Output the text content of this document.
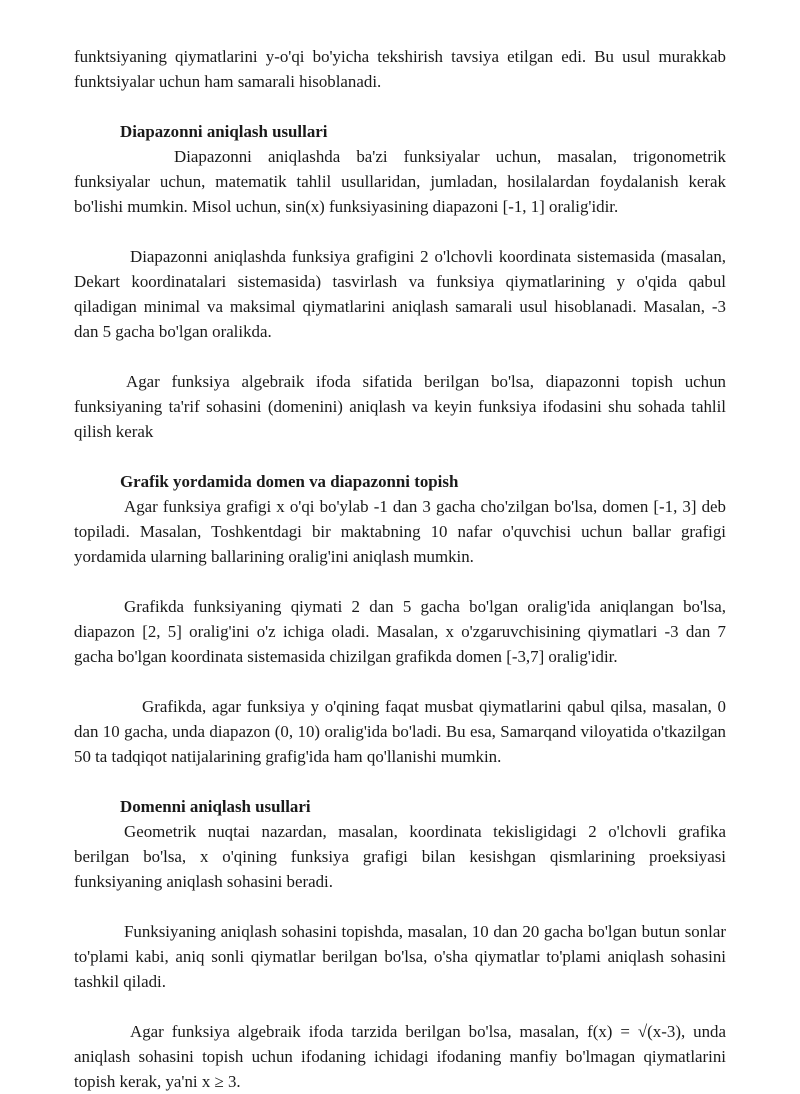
funktsiyaning qiymatlarini y-o'qi bo'yicha tekshirish tavsiya etilgan edi. Bu usul murakkab funktsiyalar uchun ham samarali hisoblanadi.

Diapazonni aniqlash usullari

Diapazonni aniqlashda ba'zi funksiyalar uchun, masalan, trigonometrik funksiyalar uchun, matematik tahlil usullaridan, jumladan, hosilalardan foydalanish kerak bo'lishi mumkin. Misol uchun, sin(x) funksiyasining diapazoni [-1, 1] oralig'idir.

Diapazonni aniqlashda funksiya grafigini 2 o'lchovli koordinata sistemasida (masalan, Dekart koordinatalari sistemasida) tasvirlash va funksiya qiymatlarining y o'qida qabul qiladigan minimal va maksimal qiymatlarini aniqlash samarali usul hisoblanadi. Masalan, -3 dan 5 gacha bo'lgan oralikda.

Agar funksiya algebraik ifoda sifatida berilgan bo'lsa, diapazonni topish uchun funksiyaning ta'rif sohasini (domenini) aniqlash va keyin funksiya ifodasini shu sohada tahlil qilish kerak

Grafik yordamida domen va diapazonni topish

Agar funksiya grafigi x o'qi bo'ylab -1 dan 3 gacha cho'zilgan bo'lsa, domen [-1, 3] deb topiladi. Masalan, Toshkentdagi bir maktabning 10 nafar o'quvchisi uchun ballar grafigi yordamida ularning ballarining oralig'ini aniqlash mumkin.

Grafikda funksiyaning qiymati 2 dan 5 gacha bo'lgan oralig'ida aniqlangan bo'lsa, diapazon [2, 5] oralig'ini o'z ichiga oladi. Masalan, x o'zgaruvchisining qiymatlari -3 dan 7 gacha bo'lgan koordinata sistemasida chizilgan grafikda domen [-3,7] oralig'idir.

Grafikda, agar funksiya y o'qining faqat musbat qiymatlarini qabul qilsa, masalan, 0 dan 10 gacha, unda diapazon (0, 10) oralig'ida bo'ladi. Bu esa, Samarqand viloyatida o'tkazilgan 50 ta tadqiqot natijalarining grafig'ida ham qo'llanishi mumkin.

Domenni aniqlash usullari

Geometrik nuqtai nazardan, masalan, koordinata tekisligidagi 2 o'lchovli grafika berilgan bo'lsa, x o'qining funksiya grafigi bilan kesishgan qismlarining proeksiyasi funksiyaning aniqlash sohasini beradi.

Funksiyaning aniqlash sohasini topishda, masalan, 10 dan 20 gacha bo'lgan butun sonlar to'plami kabi, aniq sonli qiymatlar berilgan bo'lsa, o'sha qiymatlar to'plami aniqlash sohasini tashkil qiladi.

Agar funksiya algebraik ifoda tarzida berilgan bo'lsa, masalan, f(x) = √(x-3), unda aniqlash sohasini topish uchun ifodaning ichidagi ifodaning manfiy bo'lmagan qiymatlarini topish kerak, ya'ni x ≥ 3.
